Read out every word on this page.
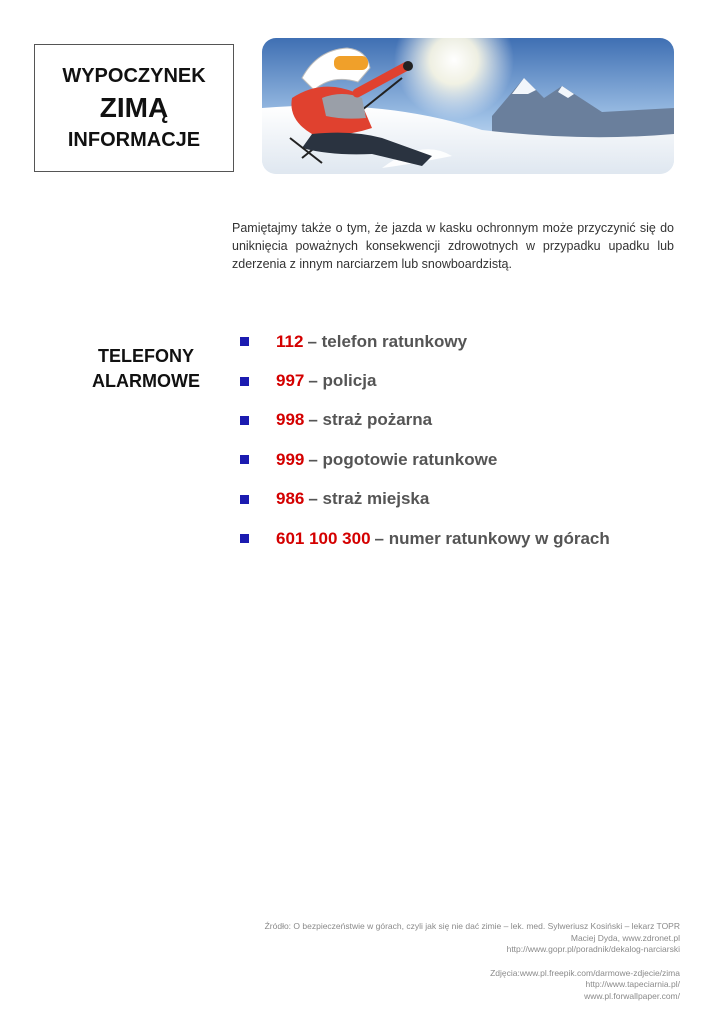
WYPOCZYNEK
ZIMĄ
INFORMACJE
Pamiętajmy także o tym, że jazda w kasku ochronnym może przyczynić się do uniknięcia poważnych konsekwencji zdrowotnych w przypadku upadku lub zderzenia z innym narciarzem lub snowboardzistą.
TELEFONY
ALARMOWE
112 – telefon ratunkowy
997 – policja
998 – straż pożarna
999 – pogotowie ratunkowe
986 – straż miejska
601 100 300 – numer ratunkowy w górach
Źródło: O bezpieczeństwie w górach, czyli jak się nie dać zimie – lek. med. Sylweriusz Kosiński – lekarz TOPR
Maciej Dyda, www.zdronet.pl
http://www.gopr.pl/poradnik/dekalog-narciarski
Zdjęcia:www.pl.freepik.com/darmowe-zdjecie/zima
http://www.tapeciarnia.pl/
www.pl.forwallpaper.com/
